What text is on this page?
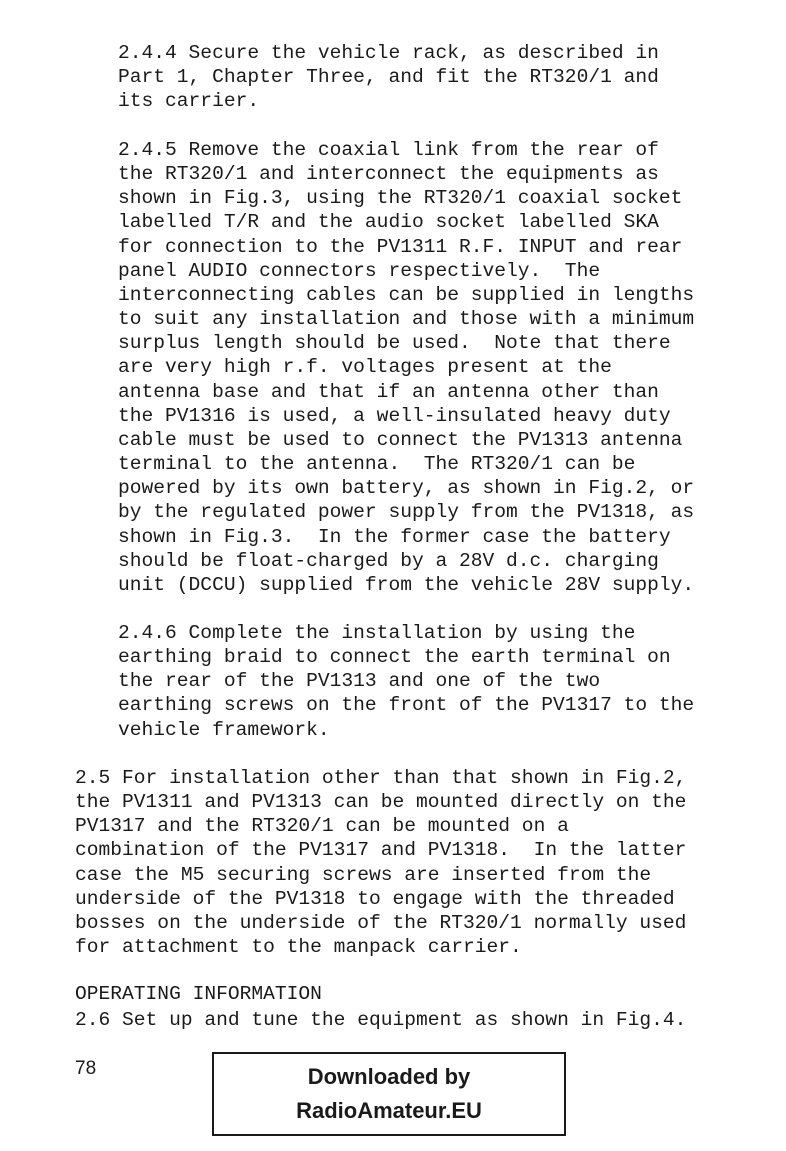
2.4.4 Secure the vehicle rack, as described in
Part 1, Chapter Three, and fit the RT320/1 and
its carrier.

2.4.5 Remove the coaxial link from the rear of
the RT320/1 and interconnect the equipments as
shown in Fig.3, using the RT320/1 coaxial socket
labelled T/R and the audio socket labelled SKA
for connection to the PV1311 R.F. INPUT and rear
panel AUDIO connectors respectively.  The
interconnecting cables can be supplied in lengths
to suit any installation and those with a minimum
surplus length should be used.  Note that there
are very high r.f. voltages present at the
antenna base and that if an antenna other than
the PV1316 is used, a well-insulated heavy duty
cable must be used to connect the PV1313 antenna
terminal to the antenna.  The RT320/1 can be
powered by its own battery, as shown in Fig.2, or
by the regulated power supply from the PV1318, as
shown in Fig.3.  In the former case the battery
should be float-charged by a 28V d.c. charging
unit (DCCU) supplied from the vehicle 28V supply.

2.4.6 Complete the installation by using the
earthing braid to connect the earth terminal on
the rear of the PV1313 and one of the two
earthing screws on the front of the PV1317 to the
vehicle framework.

2.5 For installation other than that shown in Fig.2,
the PV1311 and PV1313 can be mounted directly on the
PV1317 and the RT320/1 can be mounted on a
combination of the PV1317 and PV1318.  In the latter
case the M5 securing screws are inserted from the
underside of the PV1318 to engage with the threaded
bosses on the underside of the RT320/1 normally used
for attachment to the manpack carrier.

OPERATING INFORMATION

2.6 Set up and tune the equipment as shown in Fig.4.

78	Downloaded by
RadioAmateur.EU
